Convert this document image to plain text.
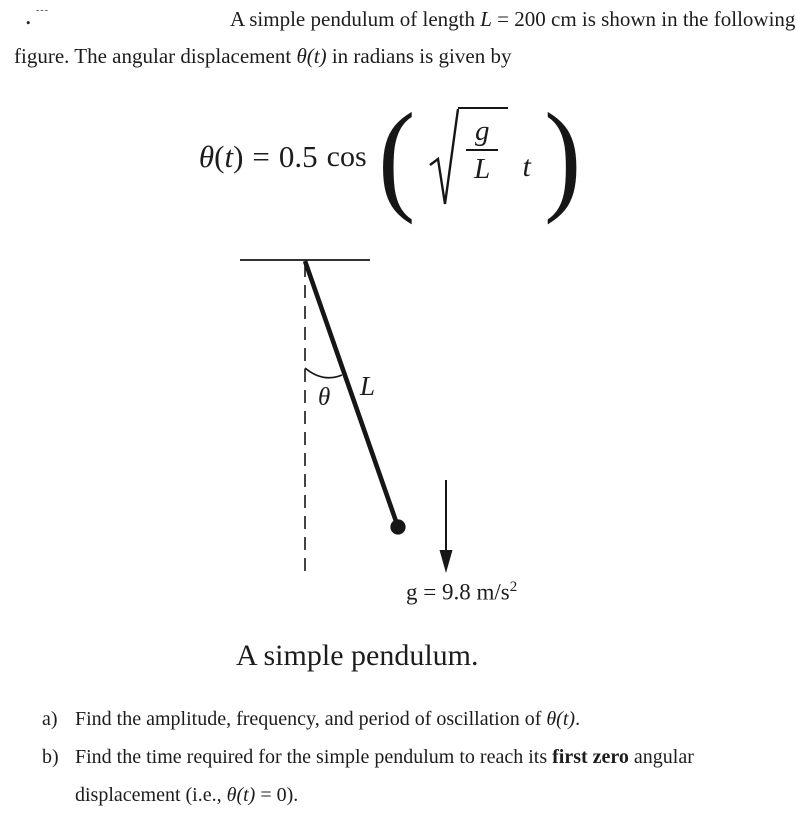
. ---	A simple pendulum of length L = 200 cm is shown in the following
figure. The angular displacement θ(t) in radians is given by
θ(t) = 0.5 cos ( $\frac{g}{L}$ t )
θ L
g = 9.8 $m/s^2$
A simple pendulum.
a) Find the amplitude, frequency, and period of oscillation of θ(t).
b) Find the time required for the simple pendulum to reach its first zero angular
displacement (i.e., θ(t) = 0).
